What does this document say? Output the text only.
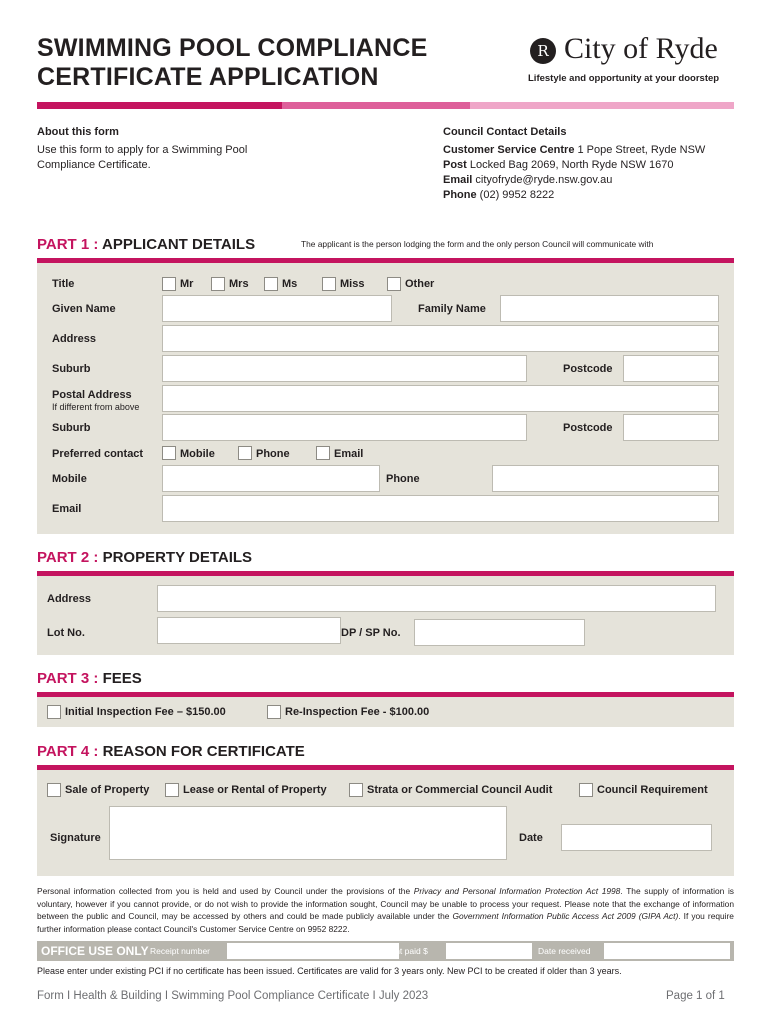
SWIMMING POOL COMPLIANCE
CERTIFICATE APPLICATION
R City of Ryde
Lifestyle and opportunity at your doorstep
About this form
Use this form to apply for a Swimming Pool
Compliance Certificate.
Council Contact Details
Customer Service Centre 1 Pope Street, Ryde NSW
Post Locked Bag 2069, North Ryde NSW 1670
Email cityofryde@ryde.nsw.gov.au
Phone (02) 9952 8222
PART 1 : APPLICANT DETAILS	The applicant is the person lodging the form and the only person Council will communicate with
Title	Mr	Mrs	Ms	Miss	Other
Given Name	Family Name
Address
Suburb	Postcode
Postal Address
If different from above
Suburb	Postcode
Preferred contact	Mobile	Phone	Email
Mobile	Phone
Email
PART 2 : PROPERTY DETAILS
Address
Lot No.	DP / SP No.
PART 3 : FEES
Initial Inspection Fee – $150.00	Re-Inspection Fee - $100.00
PART 4 : REASON FOR CERTIFICATE
Sale of Property	Lease or Rental of Property	Strata or Commercial Council Audit	Council Requirement
Signature	Date
Personal information collected from you is held and used by Council under the provisions of the Privacy and Personal Information Protection Act 1998. The supply of information is voluntary, however if you cannot provide, or do not wish to provide the information sought, Council may be unable to process your request. Please note that the exchange of information between the public and Council, may be accessed by others and could be made publicly available under the Government Information Public Access Act 2009 (GIPA Act). If you require further information please contact Council's Customer Service Centre on 9952 8222.
OFFICE USE ONLY Receipt number	Amount paid $	Date received
Please enter under existing PCI if no certificate has been issued. Certificates are valid for 3 years only. New PCI to be created if older than 3 years.
Form I Health & Building I Swimming Pool Compliance Certificate I July 2023	Page 1 of 1
